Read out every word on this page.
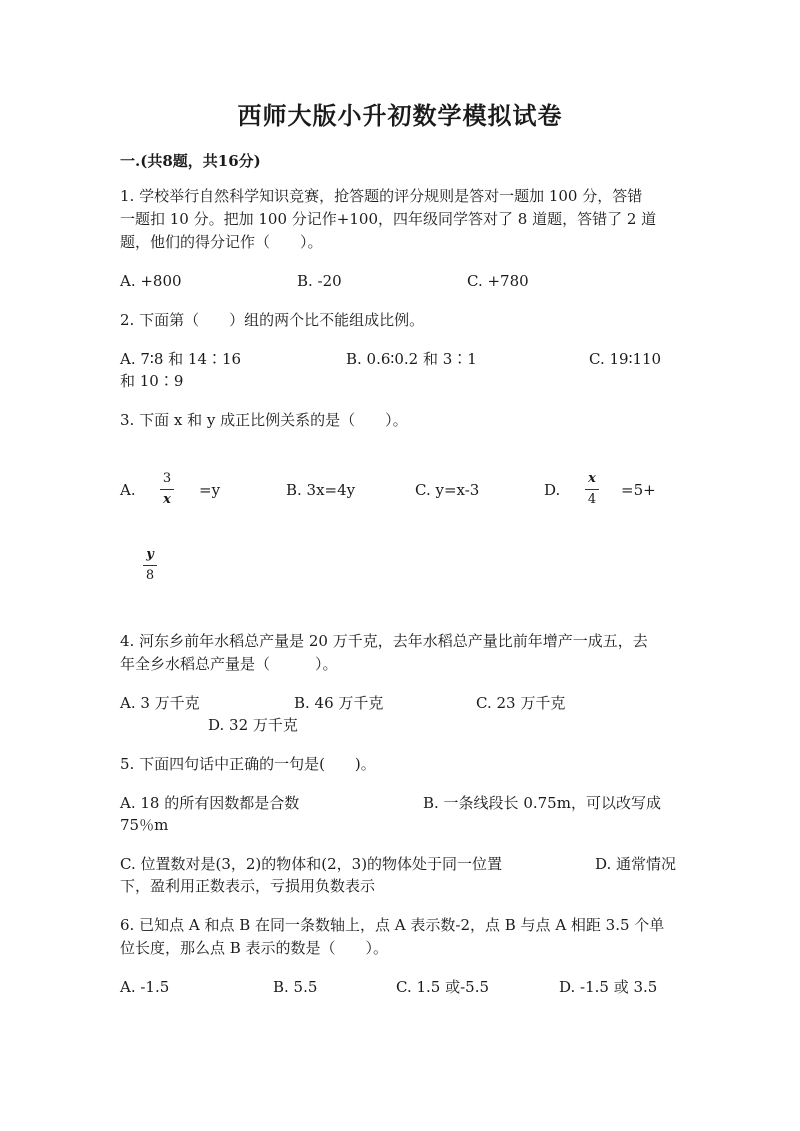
西师大版小升初数学模拟试卷
一.(共8题，共16分)
1. 学校举行自然科学知识竞赛，抢答题的评分规则是答对一题加 100 分，答错
一题扣 10 分。把加 100 分记作+100，四年级同学答对了 8 道题，答错了 2 道
题，他们的得分记作（　　）。
A. +800	B. -20	C. +780
2. 下面第（　　）组的两个比不能组成比例。
A. 7∶8 和 14∶16	B. 0.6∶0.2 和 3∶1	C. 19∶110
和 10∶9
3. 下面 x 和 y 成正比例关系的是（　　）。
A.
3
x
=y	B. 3x=4y	C. y=x-3	D.
x
4
=5+
y
8
4. 河东乡前年水稻总产量是 20 万千克，去年水稻总产量比前年增产一成五，去
年全乡水稻总产量是（　　　）。
A. 3 万千克	B. 46 万千克	C. 23 万千克
D. 32 万千克
5. 下面四句话中正确的一句是(　　)。
A. 18 的所有因数都是合数	B. 一条线段长 0.75m，可以改写成
75％m
C. 位置数对是(3，2)的物体和(2，3)的物体处于同一位置	D. 通常情况
下，盈利用正数表示，亏损用负数表示
6. 已知点 A 和点 B 在同一条数轴上，点 A 表示数-2，点 B 与点 A 相距 3.5 个单
位长度，那么点 B 表示的数是（　　）。
A. -1.5	B. 5.5	C. 1.5 或-5.5	D. -1.5 或 3.5
